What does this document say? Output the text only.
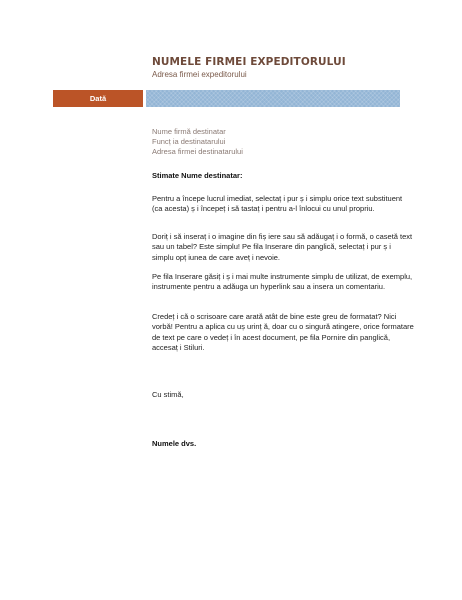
NUMELE FIRMEI EXPEDITORULUI
Adresa firmei expeditorului
Dată
Nume firmă destinatar
Funcț ia destinatarului
Adresa firmei destinatarului
Stimate Nume destinatar:
Pentru a începe lucrul imediat, selectaț i pur ș i simplu orice text substituent (ca acesta) ș i începeț i să tastaț i pentru a-l înlocui cu unul propriu.
Doriț i să inseraț i o imagine din fiș iere sau să adăugaț i o formă, o casetă text sau un tabel? Este simplu! Pe fila Inserare din panglică, selectaț i pur ș i simplu opț iunea de care aveț i nevoie.
Pe fila Inserare găsiț i ș i mai multe instrumente simplu de utilizat, de exemplu, instrumente pentru a adăuga un hyperlink sau a insera un comentariu.
Credeț i că o scrisoare care arată atât de bine este greu de formatat? Nici vorbă! Pentru a aplica cu uș urinț ă, doar cu o singură atingere, orice formatare de text pe care o vedeț i în acest document, pe fila Pornire din panglică, accesaț i Stiluri.
Cu stimă,
Numele dvs.
